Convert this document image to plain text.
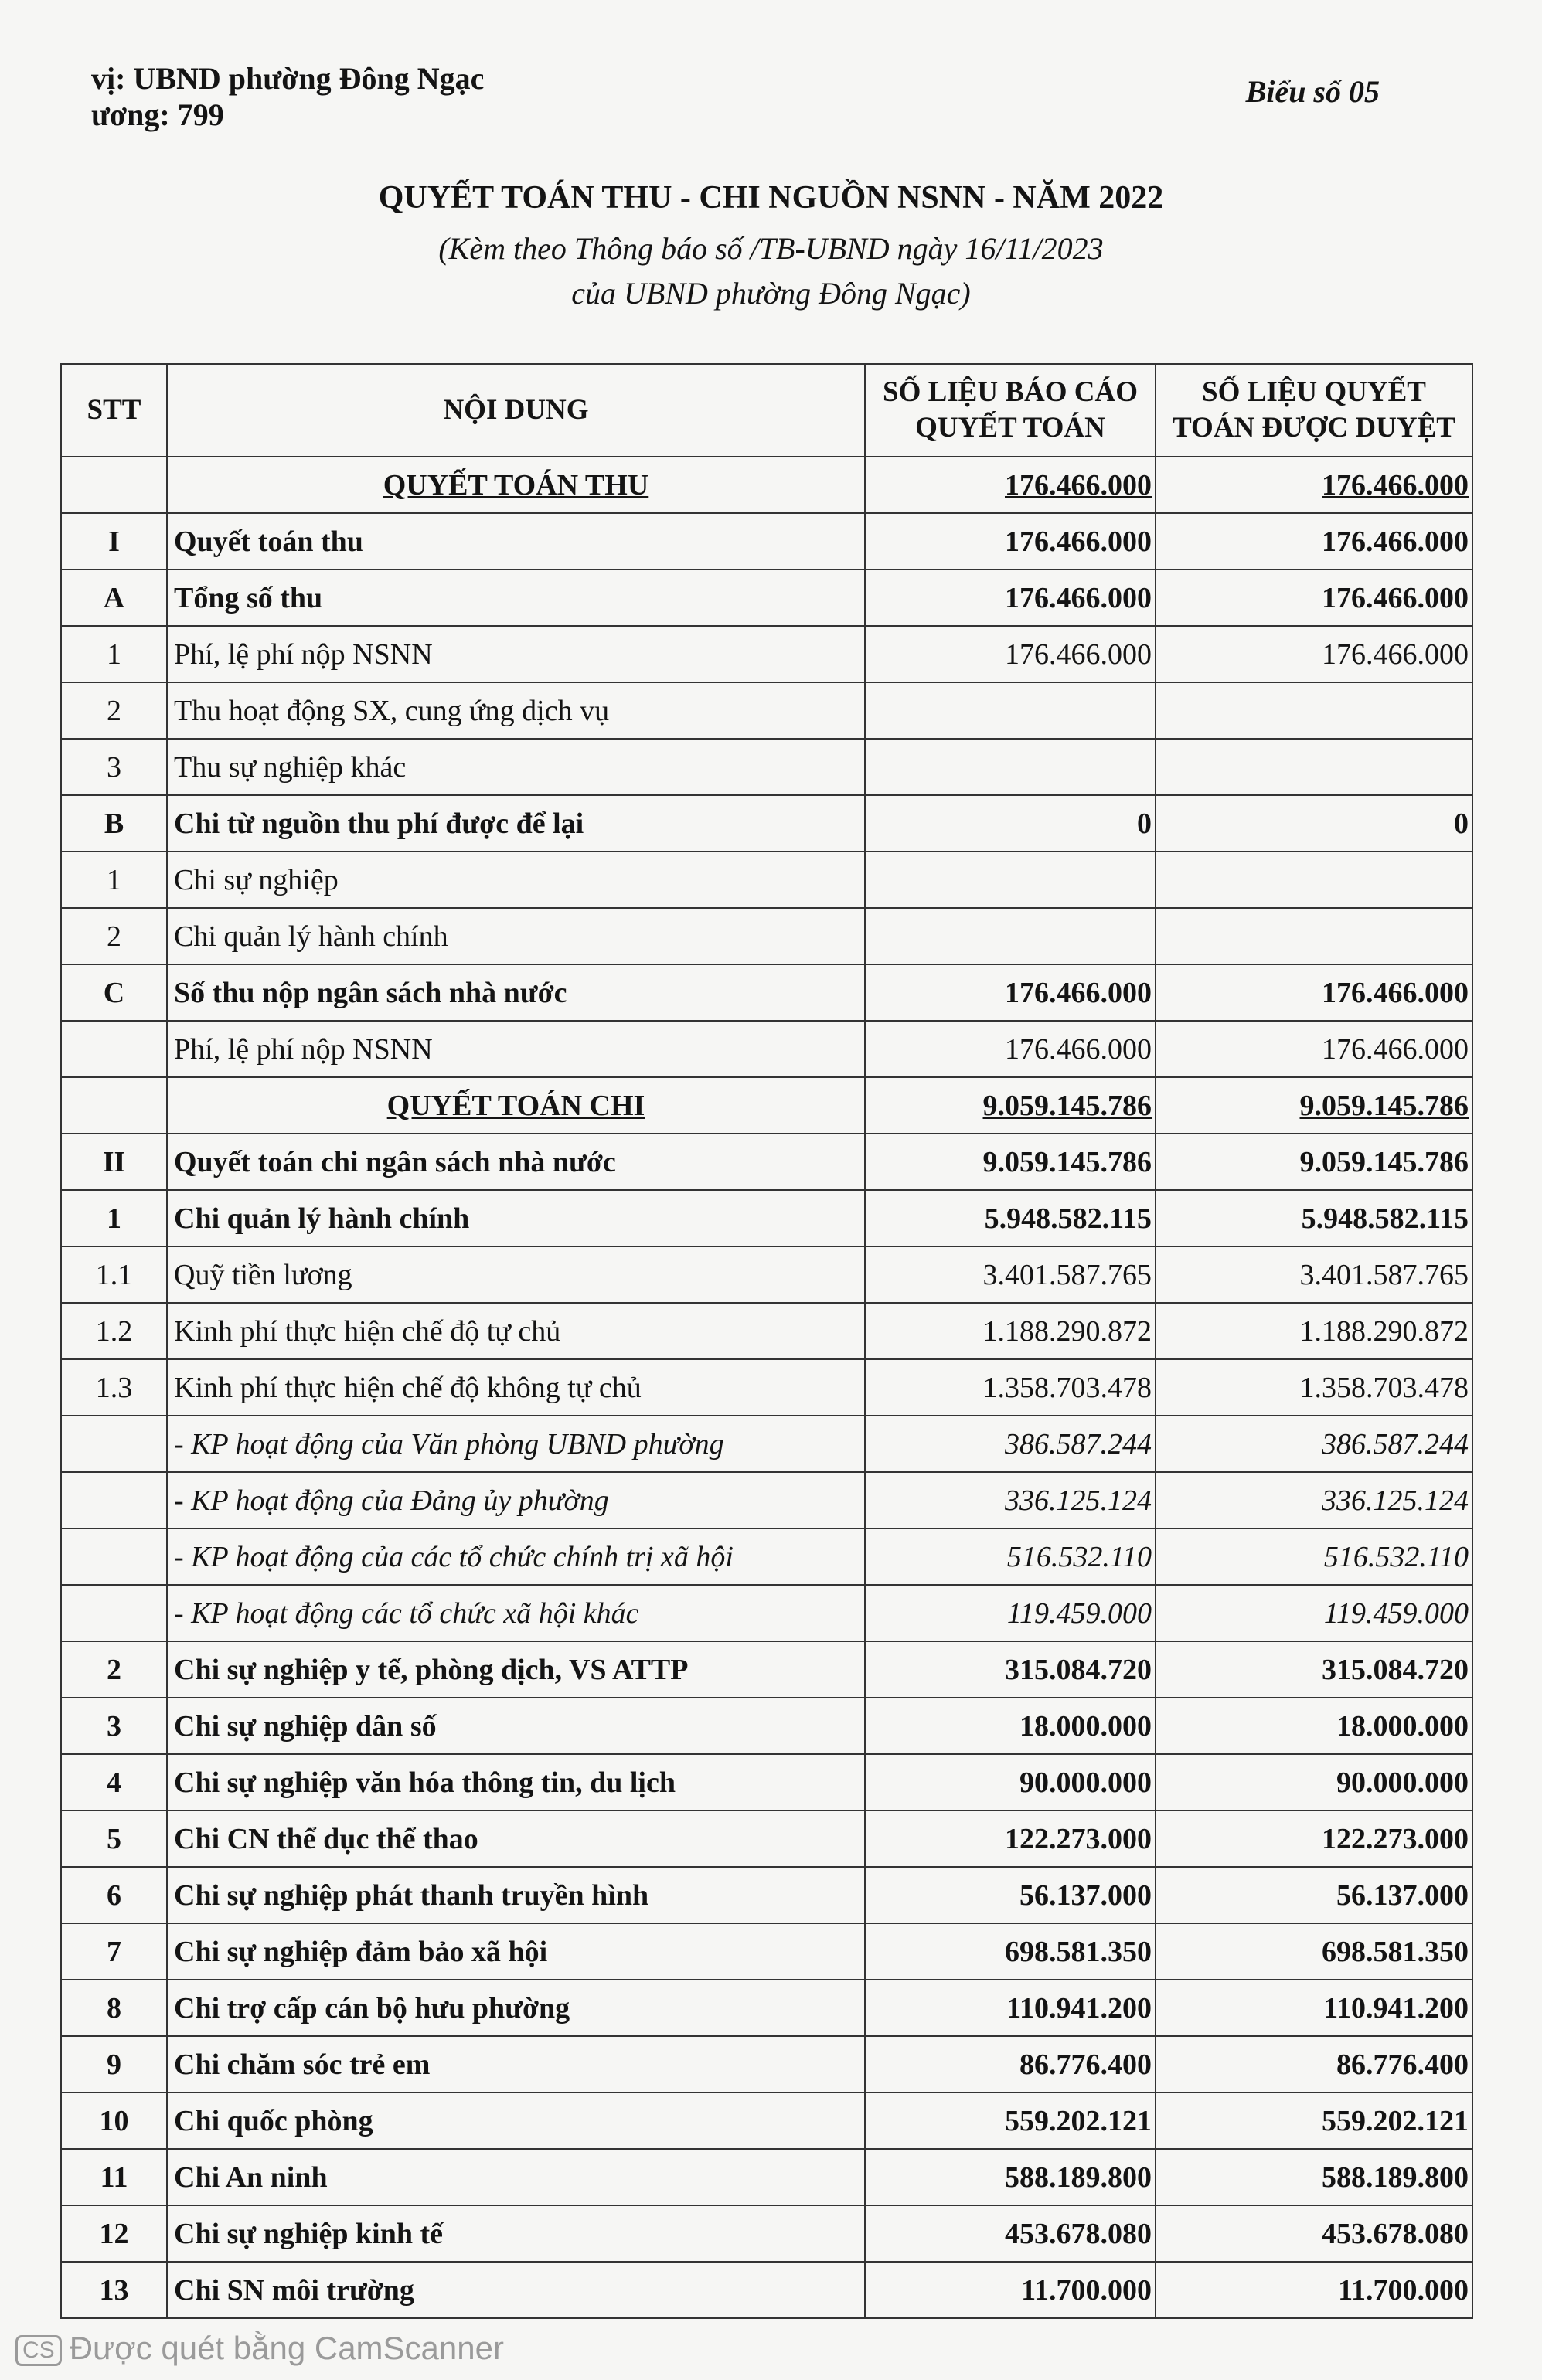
vị: UBND phường Đông Ngạc
ương: 799
Biểu số 05
QUYẾT TOÁN THU - CHI NGUỒN NSNN - NĂM 2022
(Kèm theo Thông báo số /TB-UBND ngày 16/11/2023
của UBND phường Đông Ngạc)
STT	NỘI DUNG	SỐ LIỆU BÁO CÁO QUYẾT TOÁN	SỐ LIỆU QUYẾT TOÁN ĐƯỢC DUYỆT
	QUYẾT TOÁN THU	176.466.000	176.466.000
I	Quyết toán thu	176.466.000	176.466.000
A	Tổng số thu	176.466.000	176.466.000
1	Phí, lệ phí nộp NSNN	176.466.000	176.466.000
2	Thu hoạt động SX, cung ứng dịch vụ		
3	Thu sự nghiệp khác		
B	Chi từ nguồn thu phí được để lại	0	0
1	Chi sự nghiệp		
2	Chi quản lý hành chính		
C	Số thu nộp ngân sách nhà nước	176.466.000	176.466.000
	Phí, lệ phí nộp NSNN	176.466.000	176.466.000
	QUYẾT TOÁN CHI	9.059.145.786	9.059.145.786
II	Quyết toán chi ngân sách nhà nước	9.059.145.786	9.059.145.786
1	Chi quản lý hành chính	5.948.582.115	5.948.582.115
1.1	Quỹ tiền lương	3.401.587.765	3.401.587.765
1.2	Kinh phí thực hiện chế độ tự chủ	1.188.290.872	1.188.290.872
1.3	Kinh phí thực hiện chế độ không tự chủ	1.358.703.478	1.358.703.478
	- KP hoạt động của Văn phòng UBND phường	386.587.244	386.587.244
	- KP hoạt động của Đảng ủy phường	336.125.124	336.125.124
	- KP hoạt động của các tổ chức chính trị xã hội	516.532.110	516.532.110
	- KP hoạt động các tổ chức xã hội khác	119.459.000	119.459.000
2	Chi sự nghiệp y tế, phòng dịch, VS ATTP	315.084.720	315.084.720
3	Chi sự nghiệp dân số	18.000.000	18.000.000
4	Chi sự nghiệp văn hóa thông tin, du lịch	90.000.000	90.000.000
5	Chi CN thể dục thể thao	122.273.000	122.273.000
6	Chi sự nghiệp phát thanh truyền hình	56.137.000	56.137.000
7	Chi sự nghiệp đảm bảo xã hội	698.581.350	698.581.350
8	Chi trợ cấp cán bộ hưu phường	110.941.200	110.941.200
9	Chi chăm sóc trẻ em	86.776.400	86.776.400
10	Chi quốc phòng	559.202.121	559.202.121
11	Chi An ninh	588.189.800	588.189.800
12	Chi sự nghiệp kinh tế	453.678.080	453.678.080
13	Chi SN môi trường	11.700.000	11.700.000
CS Được quét bằng CamScanner
